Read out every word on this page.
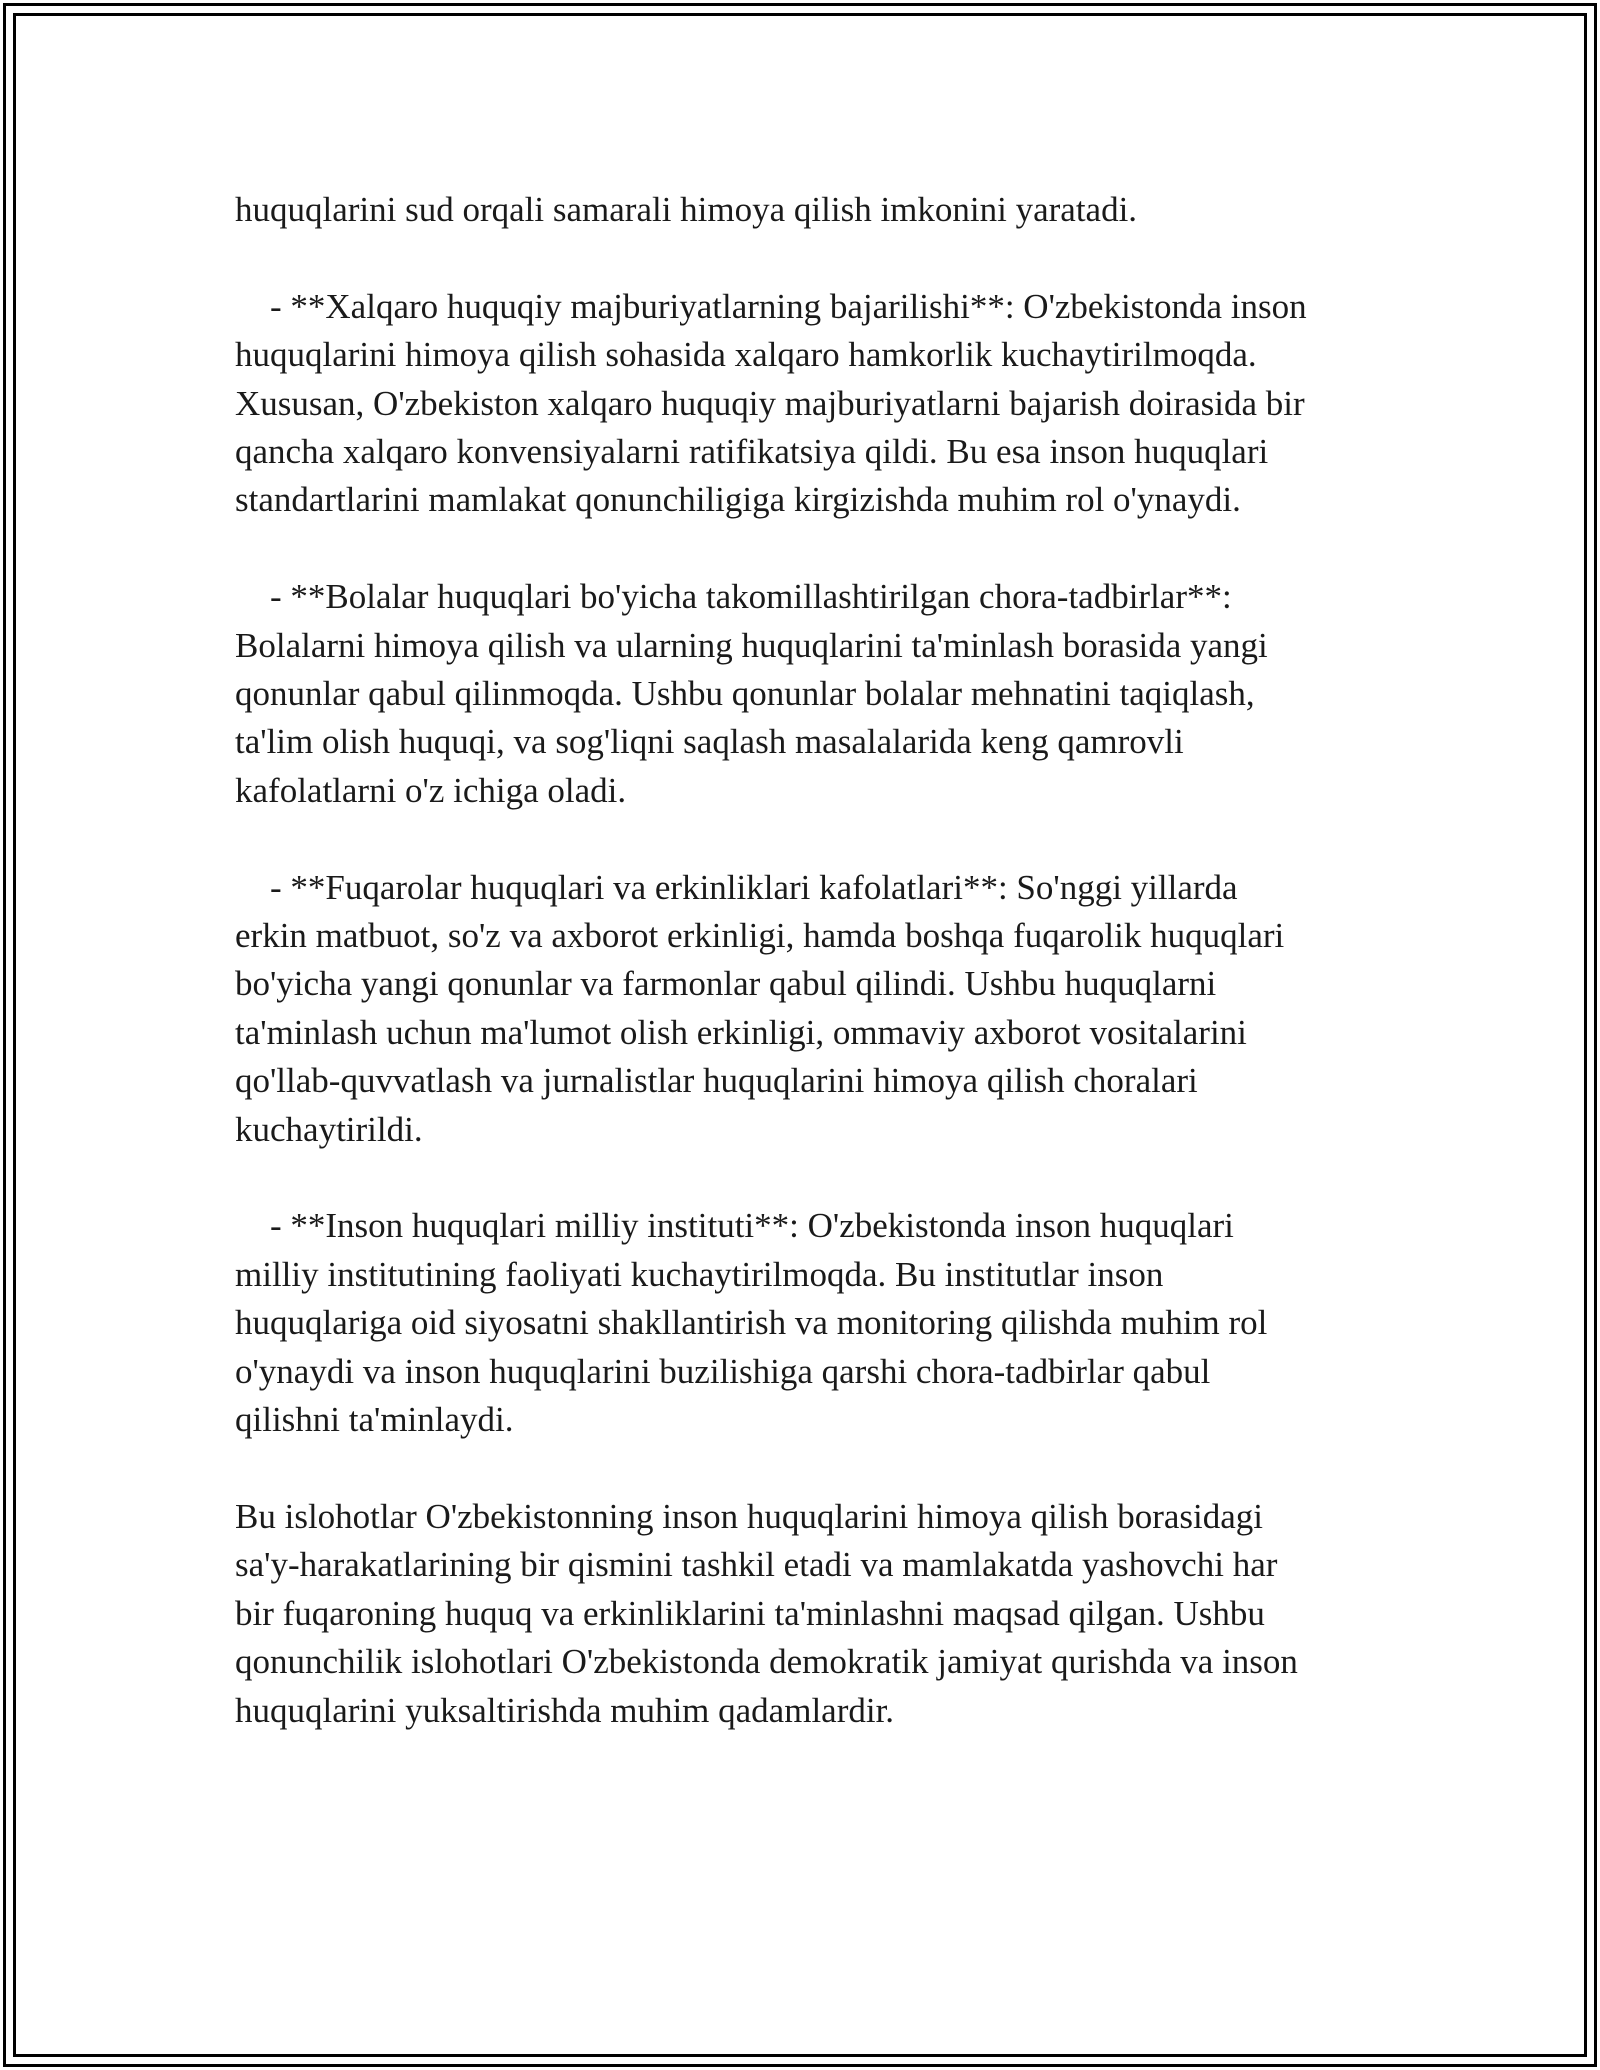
huquqlarini sud orqali samarali himoya qilish imkonini yaratadi.

- **Xalqaro huquqiy majburiyatlarning bajarilishi**: O'zbekistonda inson
huquqlarini himoya qilish sohasida xalqaro hamkorlik kuchaytirilmoqda.
Xususan, O'zbekiston xalqaro huquqiy majburiyatlarni bajarish doirasida bir
qancha xalqaro konvensiyalarni ratifikatsiya qildi. Bu esa inson huquqlari
standartlarini mamlakat qonunchiligiga kirgizishda muhim rol o'ynaydi.

- **Bolalar huquqlari bo'yicha takomillashtirilgan chora-tadbirlar**:
Bolalarni himoya qilish va ularning huquqlarini ta'minlash borasida yangi
qonunlar qabul qilinmoqda. Ushbu qonunlar bolalar mehnatini taqiqlash,
ta'lim olish huquqi, va sog'liqni saqlash masalalarida keng qamrovli
kafolatlarni o'z ichiga oladi.

- **Fuqarolar huquqlari va erkinliklari kafolatlari**: So'nggi yillarda
erkin matbuot, so'z va axborot erkinligi, hamda boshqa fuqarolik huquqlari
bo'yicha yangi qonunlar va farmonlar qabul qilindi. Ushbu huquqlarni
ta'minlash uchun ma'lumot olish erkinligi, ommaviy axborot vositalarini
qo'llab-quvvatlash va jurnalistlar huquqlarini himoya qilish choralari
kuchaytirildi.

- **Inson huquqlari milliy instituti**: O'zbekistonda inson huquqlari
milliy institutining faoliyati kuchaytirilmoqda. Bu institutlar inson
huquqlariga oid siyosatni shakllantirish va monitoring qilishda muhim rol
o'ynaydi va inson huquqlarini buzilishiga qarshi chora-tadbirlar qabul
qilishni ta'minlaydi.

Bu islohotlar O'zbekistonning inson huquqlarini himoya qilish borasidagi
sa'y-harakatlarining bir qismini tashkil etadi va mamlakatda yashovchi har
bir fuqaroning huquq va erkinliklarini ta'minlashni maqsad qilgan. Ushbu
qonunchilik islohotlari O'zbekistonda demokratik jamiyat qurishda va inson
huquqlarini yuksaltirishda muhim qadamlardir.
